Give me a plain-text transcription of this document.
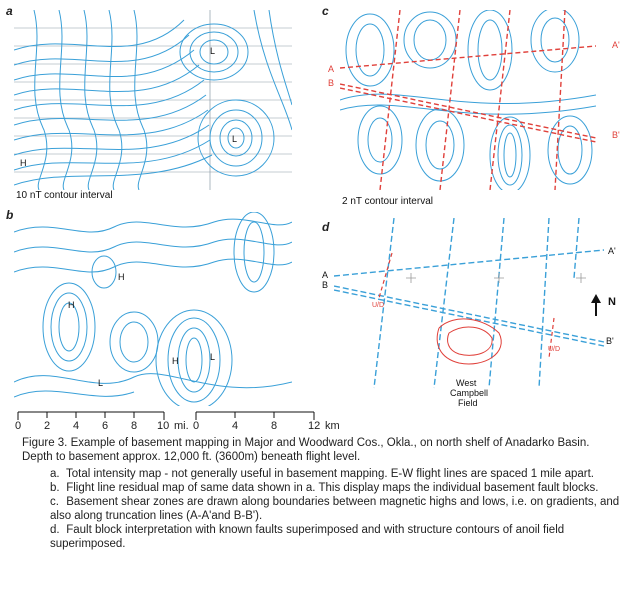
a
b
c
d
L
L
H
10 nT contour interval
H
H
H
L
L
0 2 4 6 8 10 mi. 0	4	8	12 km
A
A'
B
B'
2 nT contour interval
A
A'
B
B'
N
West
Campbell
Field
U/D
U/D

Figure 3. Example of basement mapping in Major and Woodward Cos., Okla., on north shelf of Anadarko Basin. Depth to basement approx. 12,000 ft. (3600m) beneath flight level.

a. Total intensity map - not generally useful in basement mapping. E-W flight lines are spaced 1 mile apart.
b. Flight line residual map of same data shown in a. This display maps the individual basement fault blocks.
c. Basement shear zones are drawn along boundaries between magnetic highs and lows, i.e. on gradients, and also along truncation lines (A-A'and B-B').
d. Fault block interpretation with known faults superimposed and with structure contours of anoil field superimposed.
